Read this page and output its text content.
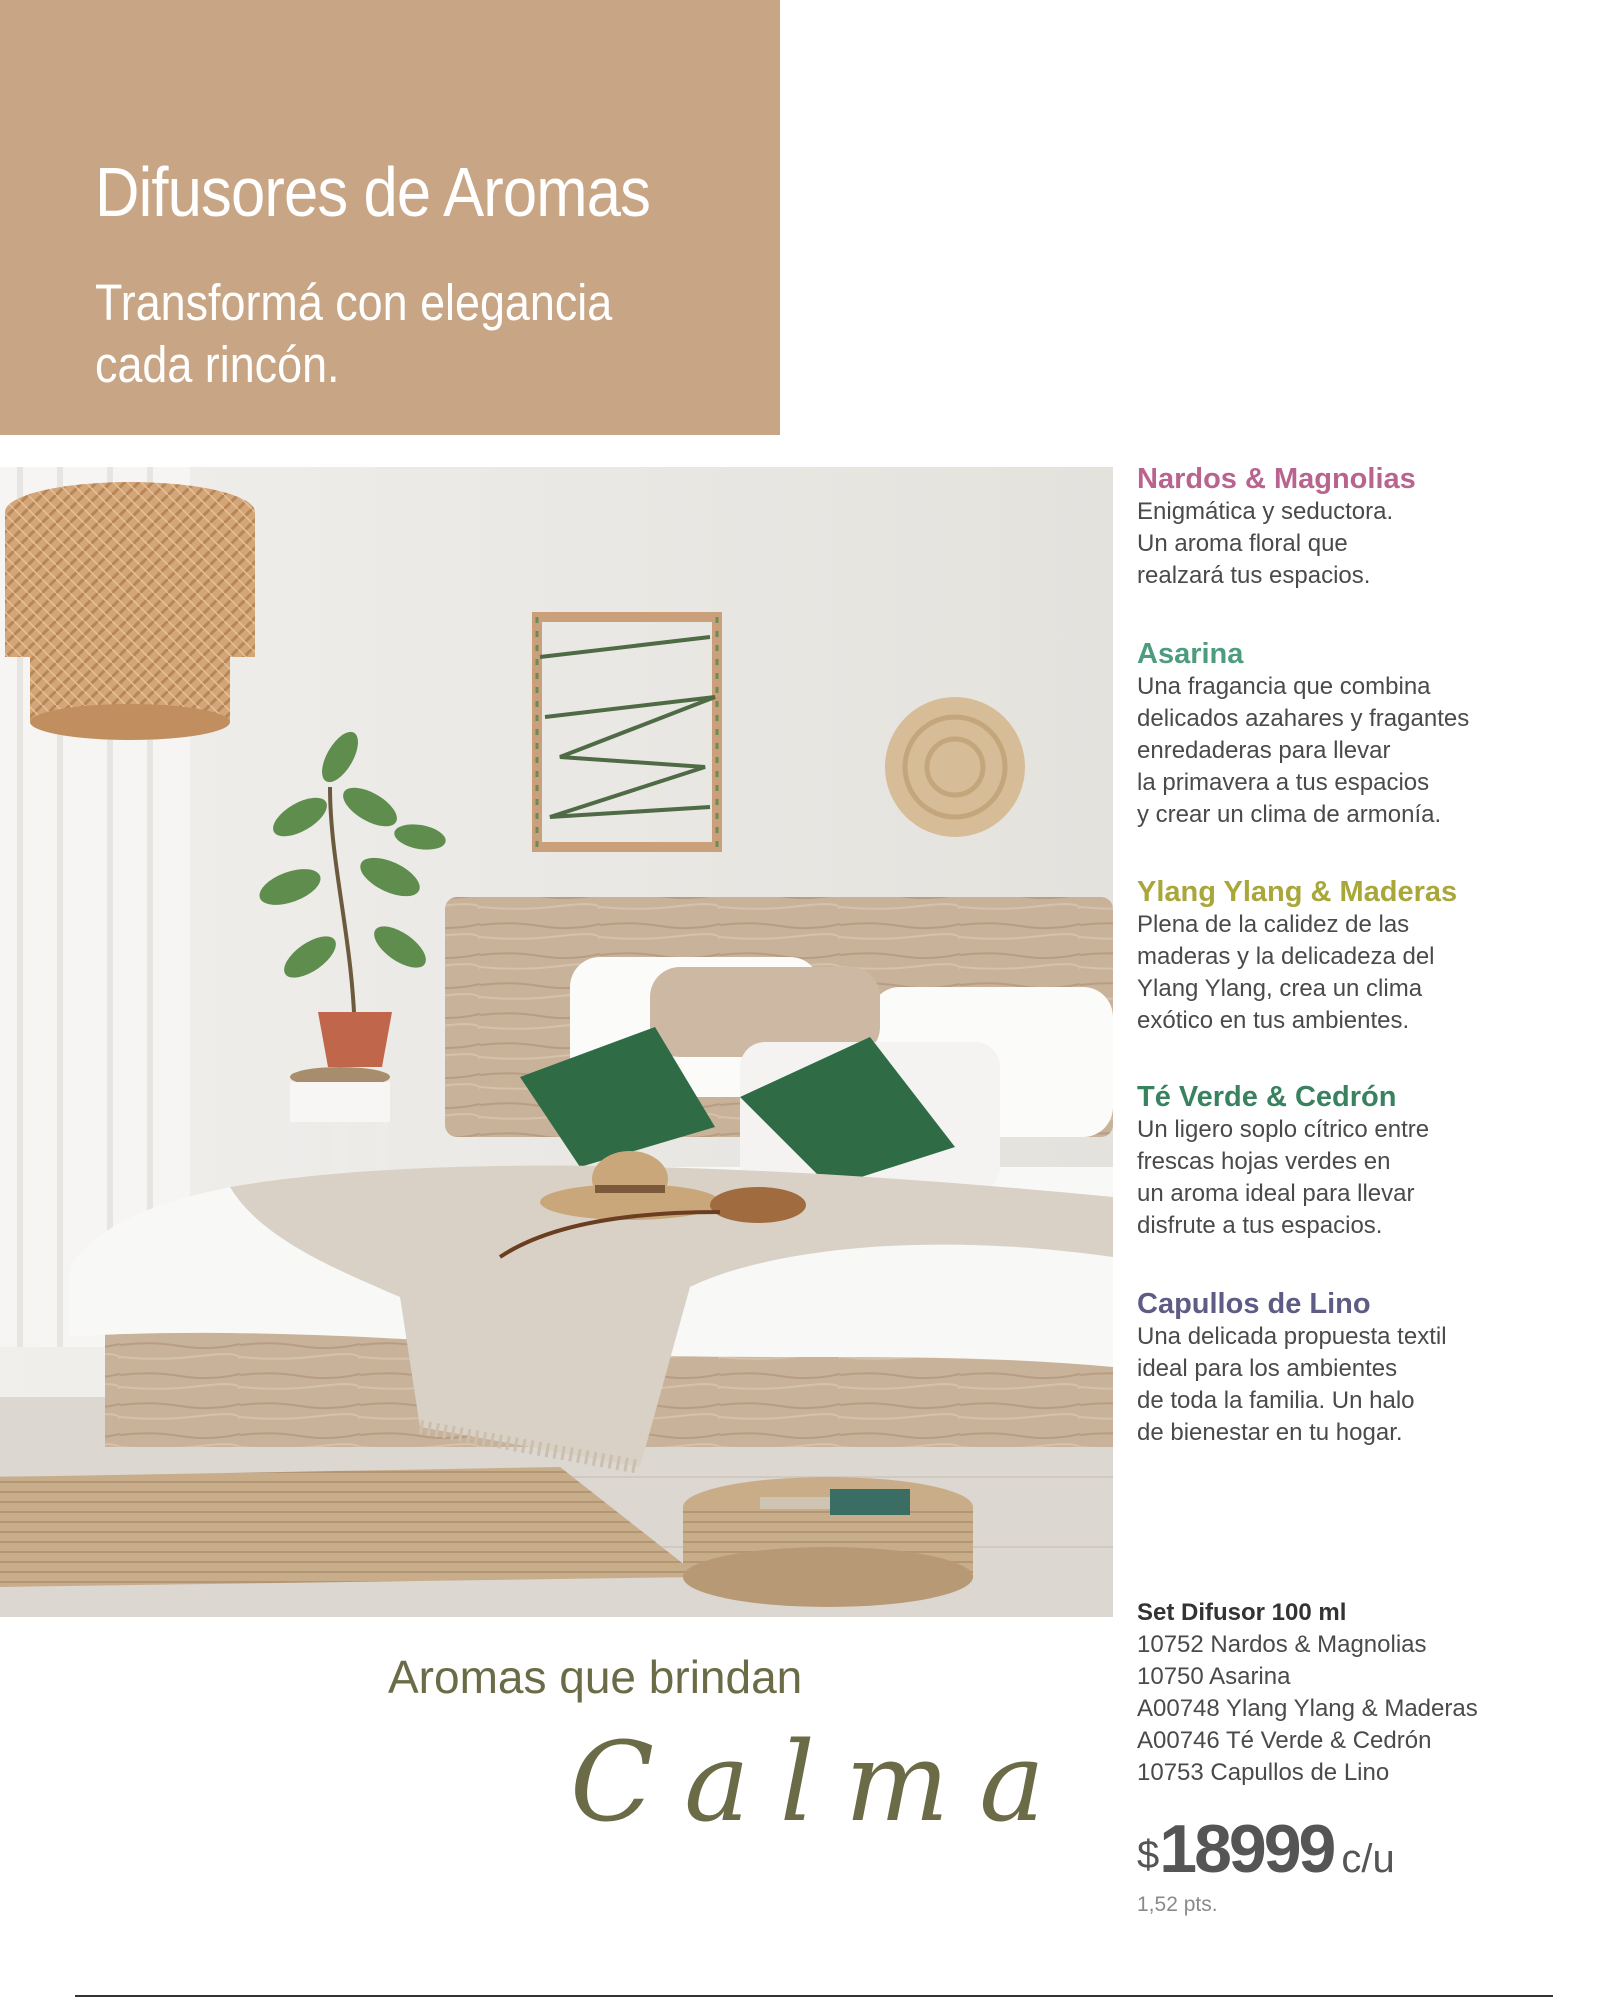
Difusores de Aromas
Transformá con elegancia cada rincón.
Nardos & Magnolias
Enigmática y seductora.
Un aroma floral que
realzará tus espacios.
Asarina
Una fragancia que combina
delicados azahares y fragantes
enredaderas para llevar
la primavera a tus espacios
y crear un clima de armonía.
Ylang Ylang & Maderas
Plena de la calidez de las
maderas y la delicadeza del
Ylang Ylang, crea un clima
exótico en tus ambientes.
Té Verde & Cedrón
Un ligero soplo cítrico entre
frescas hojas verdes en
un aroma ideal para llevar
disfrute a tus espacios.
Capullos de Lino
Una delicada propuesta textil
ideal para los ambientes
de toda la familia. Un halo
de bienestar en tu hogar.
Aromas que brindan
Calma
Set Difusor 100 ml
10752 Nardos & Magnolias
10750 Asarina
A00748 Ylang Ylang & Maderas
A00746 Té Verde & Cedrón
10753 Capullos de Lino
$18999 c/u
1,52 pts.
